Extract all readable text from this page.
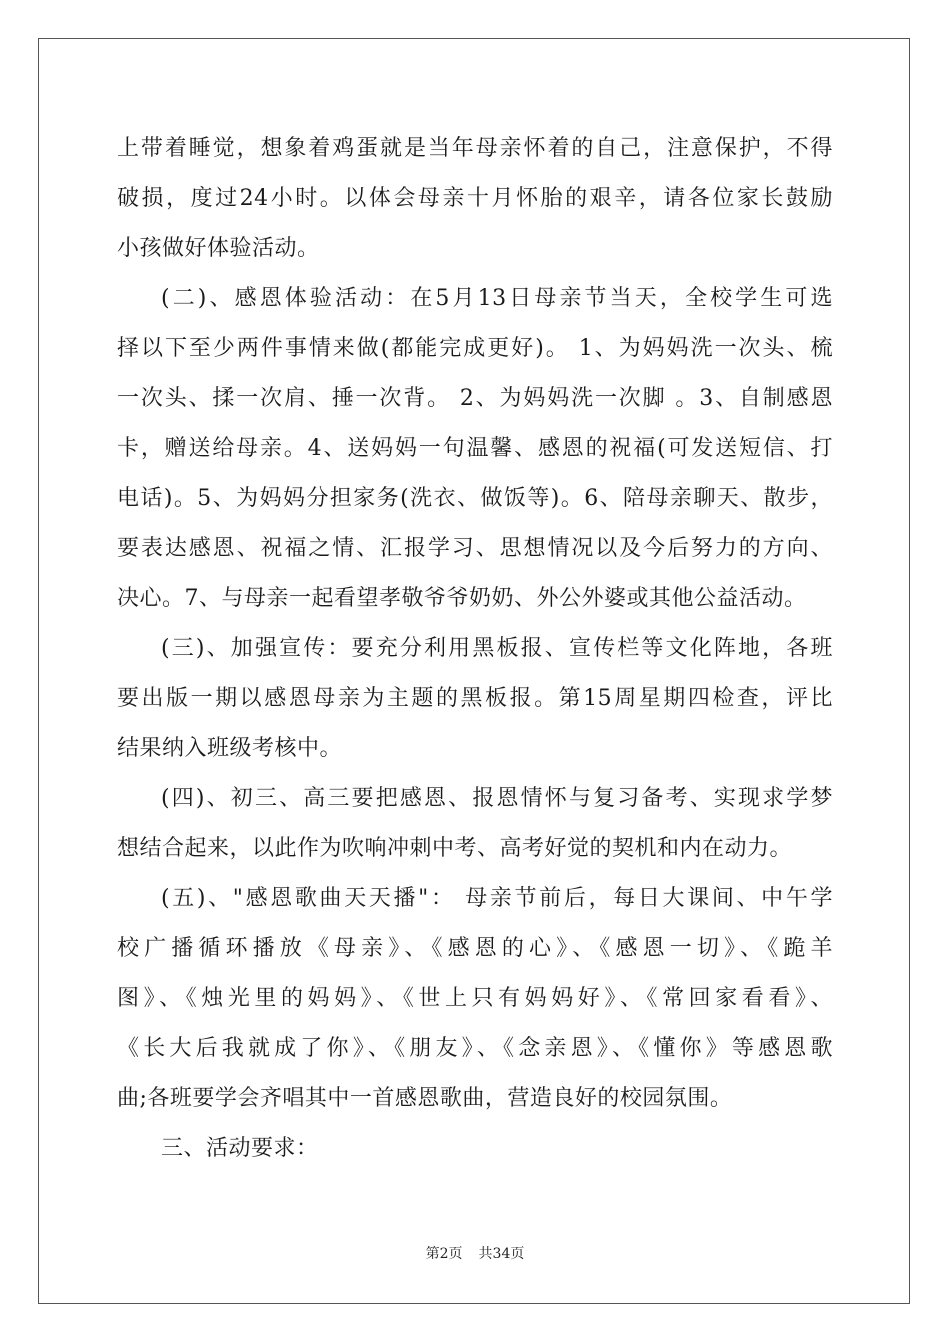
上带着睡觉，想象着鸡蛋就是当年母亲怀着的自己，注意保护，不得
破损，度过24小时。以体会母亲十月怀胎的艰辛，请各位家长鼓励
小孩做好体验活动。
(二)、感恩体验活动：在5月13日母亲节当天，全校学生可选
择以下至少两件事情来做(都能完成更好)。 1、为妈妈洗一次头、梳
一次头、揉一次肩、捶一次背。 2、为妈妈洗一次脚 。3、自制感恩
卡，赠送给母亲。4、送妈妈一句温馨、感恩的祝福(可发送短信、打
电话)。5、为妈妈分担家务(洗衣、做饭等)。6、陪母亲聊天、散步，
要表达感恩、祝福之情、汇报学习、思想情况以及今后努力的方向、
决心。7、与母亲一起看望孝敬爷爷奶奶、外公外婆或其他公益活动。
(三)、加强宣传：要充分利用黑板报、宣传栏等文化阵地，各班
要出版一期以感恩母亲为主题的黑板报。第15周星期四检查，评比
结果纳入班级考核中。
(四)、初三、高三要把感恩、报恩情怀与复习备考、实现求学梦
想结合起来，以此作为吹响冲刺中考、高考好觉的契机和内在动力。
(五)、"感恩歌曲天天播"： 母亲节前后，每日大课间、中午学
校广播循环播放《母亲》、《感恩的心》、《感恩一切》、《跪羊
图》、《烛光里的妈妈》、《世上只有妈妈好》、《常回家看看》、
《长大后我就成了你》、《朋友》、《念亲恩》、《懂你》等感恩歌
曲;各班要学会齐唱其中一首感恩歌曲，营造良好的校园氛围。
三、活动要求：
第2页 共34页
